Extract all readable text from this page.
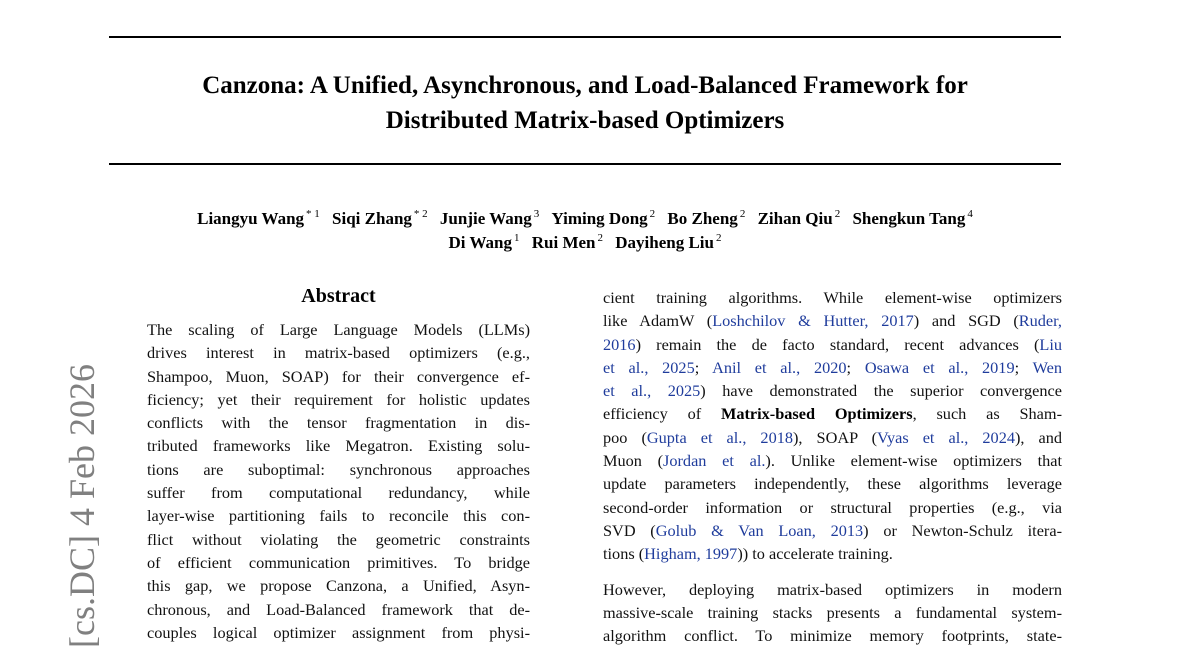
Canzona: A Unified, Asynchronous, and Load-Balanced Framework for
Distributed Matrix-based Optimizers
Liangyu Wang $^{* 1}$ Siqi Zhang $^{* 2}$ Junjie Wang $^3$ Yiming Dong $^2$ Bo Zheng $^2$ Zihan Qiu $^2$ Shengkun Tang $^4$
Di Wang $^1$ Rui Men $^2$ Dayiheng Liu $^2$
[cs.DC] 4 Feb 2026
Abstract
The scaling of Large Language Models (LLMs)
drives interest in matrix-based optimizers (e.g.,
Shampoo, Muon, SOAP) for their convergence ef-
ficiency; yet their requirement for holistic updates
conflicts with the tensor fragmentation in dis-
tributed frameworks like Megatron. Existing solu-
tions are suboptimal: synchronous approaches
suffer from computational redundancy, while
layer-wise partitioning fails to reconcile this con-
flict without violating the geometric constraints
of efficient communication primitives. To bridge
this gap, we propose Canzona, a Unified, Asyn-
chronous, and Load-Balanced framework that de-
couples logical optimizer assignment from physi-
cient training algorithms. While element-wise optimizers
like AdamW (Loshchilov & Hutter, 2017) and SGD (Ruder,
2016) remain the de facto standard, recent advances (Liu
et al., 2025; Anil et al., 2020; Osawa et al., 2019; Wen
et al., 2025) have demonstrated the superior convergence
efficiency of Matrix-based Optimizers, such as Sham-
poo (Gupta et al., 2018), SOAP (Vyas et al., 2024), and
Muon (Jordan et al.). Unlike element-wise optimizers that
update parameters independently, these algorithms leverage
second-order information or structural properties (e.g., via
SVD (Golub & Van Loan, 2013) or Newton-Schulz itera-
tions (Higham, 1997)) to accelerate training.
However, deploying matrix-based optimizers in modern
massive-scale training stacks presents a fundamental system-
algorithm conflict. To minimize memory footprints, state-
